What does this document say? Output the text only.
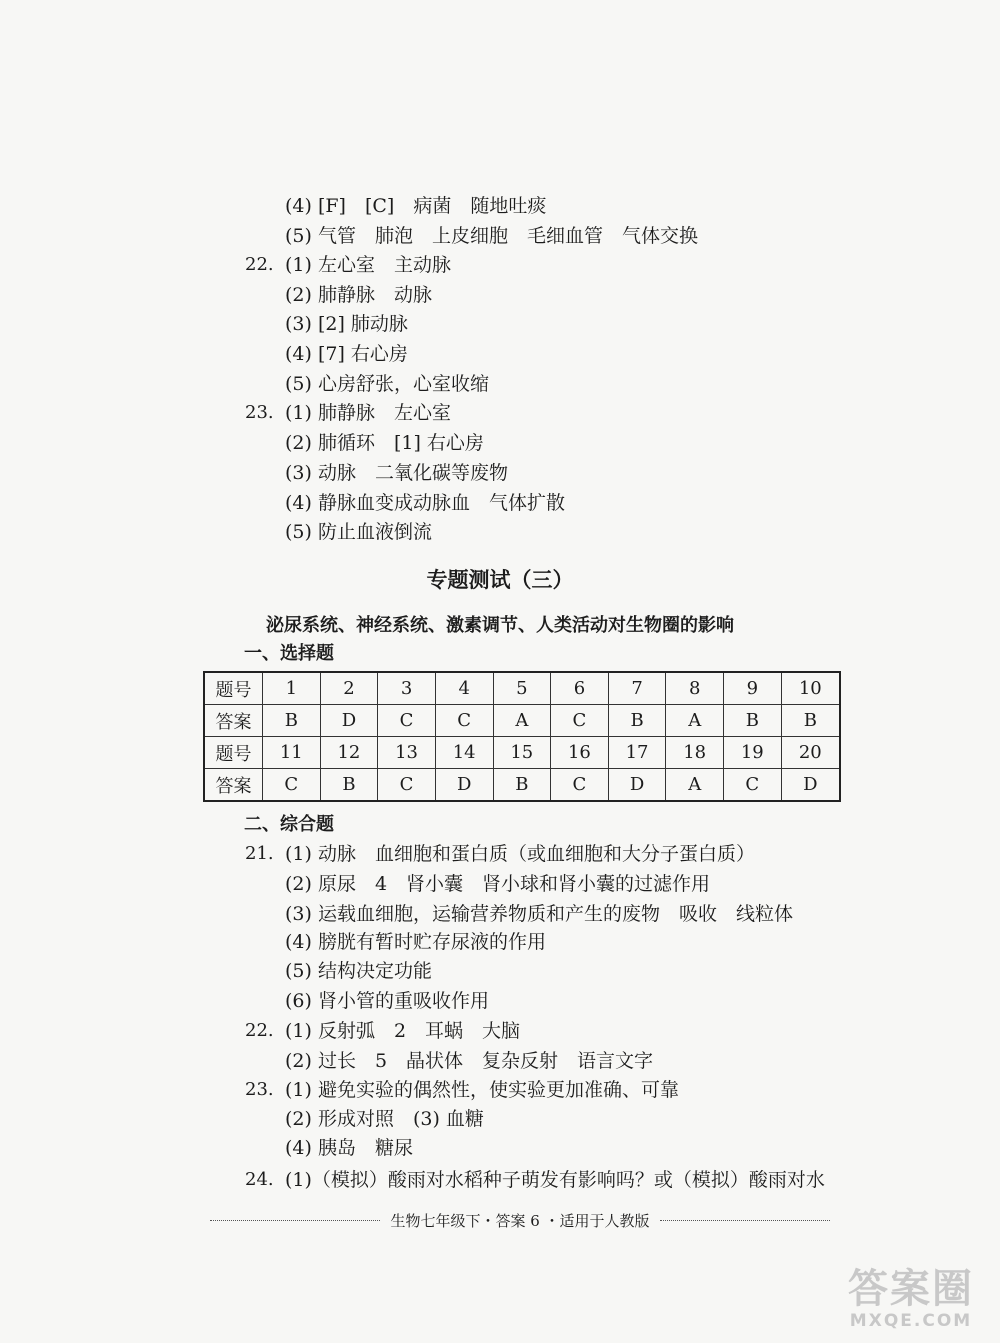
(4) [F]　[C]　病菌　随地吐痰
(5) 气管　肺泡　上皮细胞　毛细血管　气体交换
22. (1) 左心室　主动脉
(2) 肺静脉　动脉
(3) [2] 肺动脉
(4) [7] 右心房
(5) 心房舒张，心室收缩
23. (1) 肺静脉　左心室
(2) 肺循环　[1] 右心房
(3) 动脉　二氧化碳等废物
(4) 静脉血变成动脉血　气体扩散
(5) 防止血液倒流
专题测试（三）
泌尿系统、神经系统、激素调节、人类活动对生物圈的影响
一、选择题
题号	1	2	3	4	5	6	7	8	9	10
答案	B	D	C	C	A	C	B	A	B	B
题号	11	12	13	14	15	16	17	18	19	20
答案	C	B	C	D	B	C	D	A	C	D
二、综合题
21. (1) 动脉　血细胞和蛋白质（或血细胞和大分子蛋白质）
(2) 原尿　4　肾小囊　肾小球和肾小囊的过滤作用
(3) 运载血细胞，运输营养物质和产生的废物　吸收　线粒体
(4) 膀胱有暂时贮存尿液的作用
(5) 结构决定功能
(6) 肾小管的重吸收作用
22. (1) 反射弧　2　耳蜗　大脑
(2) 过长　5　晶状体　复杂反射　语言文字
23. (1) 避免实验的偶然性，使实验更加准确、可靠
(2) 形成对照　(3) 血糖
(4) 胰岛　糖尿
24. (1)（模拟）酸雨对水稻种子萌发有影响吗？或（模拟）酸雨对水
生物七年级下・答案 6 ・适用于人教版
答案圈
MXQE.COM
